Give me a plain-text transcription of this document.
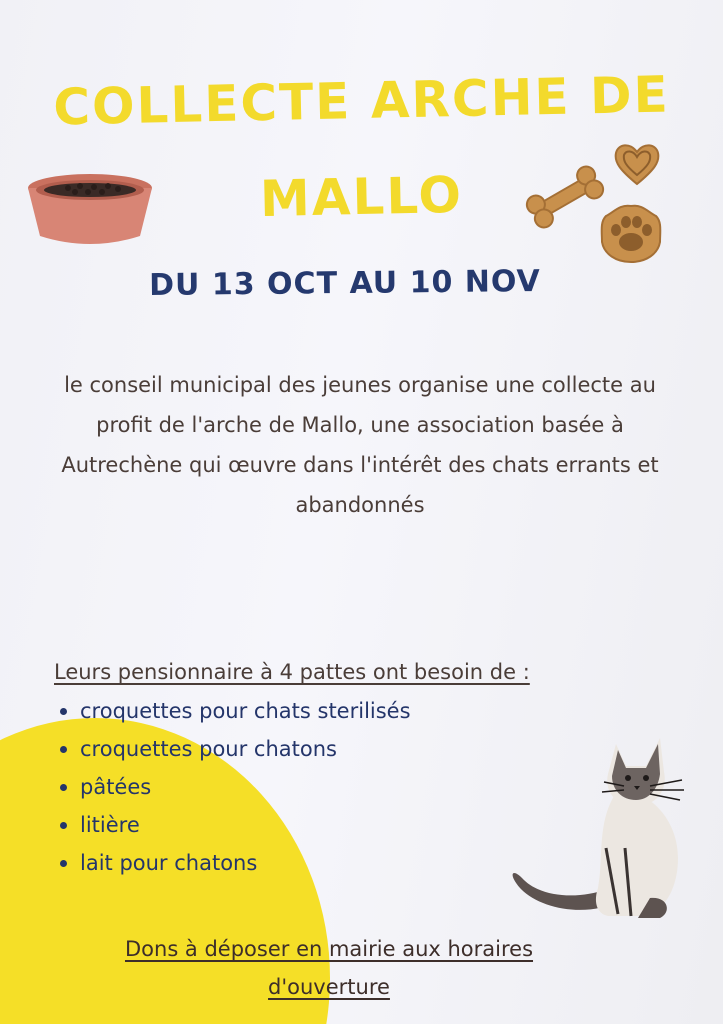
COLLECTE ARCHE DE
MALLO
DU 13 OCT AU 10 NOV
le conseil municipal des jeunes organise une collecte au profit de l'arche de Mallo, une association basée à Autrechène qui œuvre dans l'intérêt des chats errants et abandonnés
Leurs pensionnaire à 4 pattes ont besoin de :
croquettes pour chats sterilisés
croquettes pour chatons
pâtées
litière
lait pour chatons
Dons à déposer en mairie aux horaires d'ouverture
